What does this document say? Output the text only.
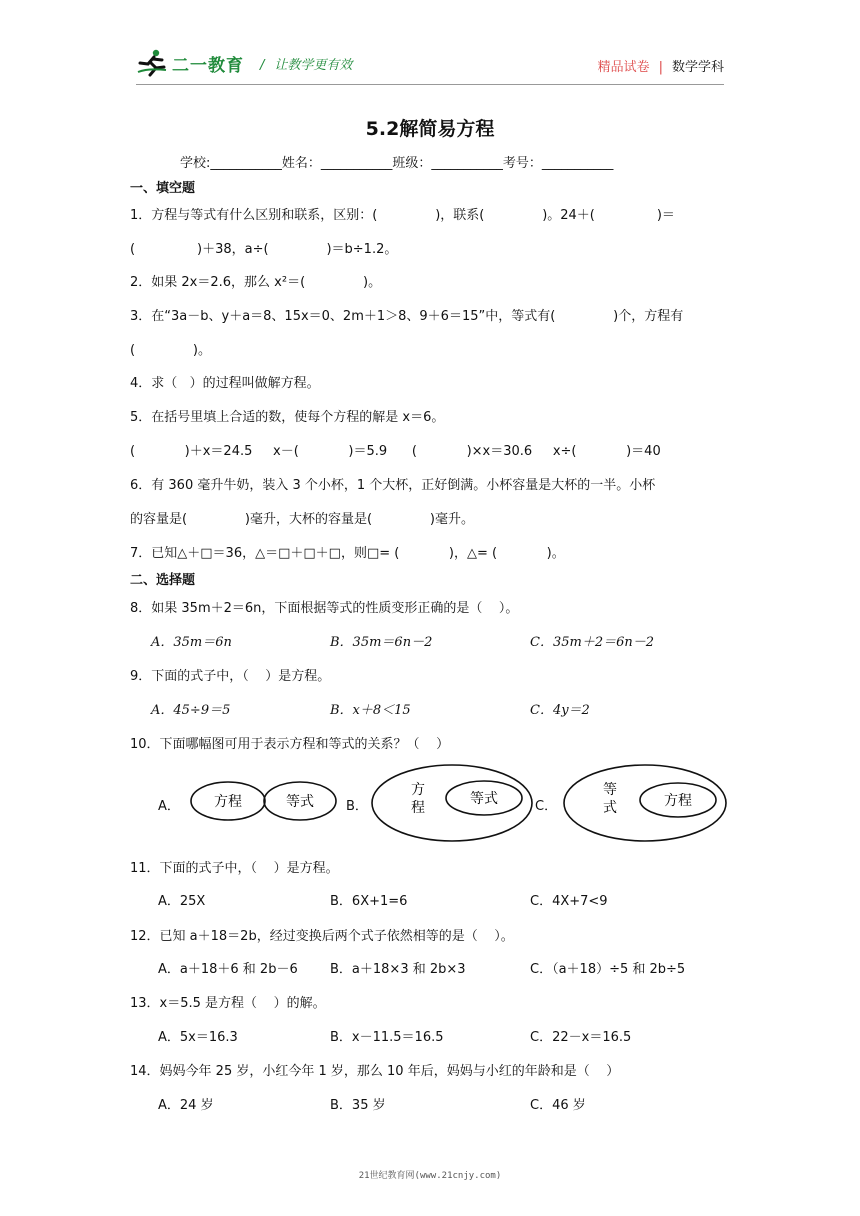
二一教育 / 让教学更有效	精品试卷 | 数学学科
5.2解简易方程
学校:___________姓名：___________班级：___________考号：___________
一、填空题
1．方程与等式有什么区别和联系，区别：(              )，联系(              )。24＋(               )＝
(               )＋38，a÷(              )＝b÷1.2。
2．如果 2x＝2.6，那么 x²＝(              )。
3．在“3a－b、y＋a＝8、15x＝0、2m＋1＞8、9＋6＝15”中，等式有(              )个，方程有
(              )。
4．求（   ）的过程叫做解方程。
5．在括号里填上合适的数，使每个方程的解是 x＝6。
(            )＋x＝24.5     x－(            )＝5.9      (            )×x＝30.6     x÷(            )＝40
6．有 360 毫升牛奶，装入 3 个小杯，1 个大杯，正好倒满。小杯容量是大杯的一半。小杯
的容量是(              )毫升，大杯的容量是(              )毫升。
7．已知△＋□＝36，△＝□＋□＋□，则□= (            )，△= (            )。
二、选择题
8．如果 35m＋2＝6n，下面根据等式的性质变形正确的是（    ）。
A．35m＝6n	B．35m＝6n－2	C．35m＋2＝6n－2
9．下面的式子中，（    ）是方程。
A．45÷9＝5	B．x＋8＜15	C．4y＝2
10．下面哪幅图可用于表示方程和等式的关系？（    ）
A． 方程	等式 B．
方
程
等式	C．
等
式	方程
11．下面的式子中，（    ）是方程。
A．25X	B．6X+1=6	C．4X+7<9
12．已知 a＋18＝2b，经过变换后两个式子依然相等的是（    ）。
A．a＋18＋6 和 2b－6 B．a＋18×3 和 2b×3	C．（a＋18）÷5 和 2b÷5
13．x＝5.5 是方程（    ）的解。
A．5x＝16.3	B．x－11.5＝16.5	C．22－x＝16.5
14．妈妈今年 25 岁，小红今年 1 岁，那么 10 年后，妈妈与小红的年龄和是（    ）
A．24 岁	B．35 岁	C．46 岁
21世纪教育网(www.21cnjy.com)
